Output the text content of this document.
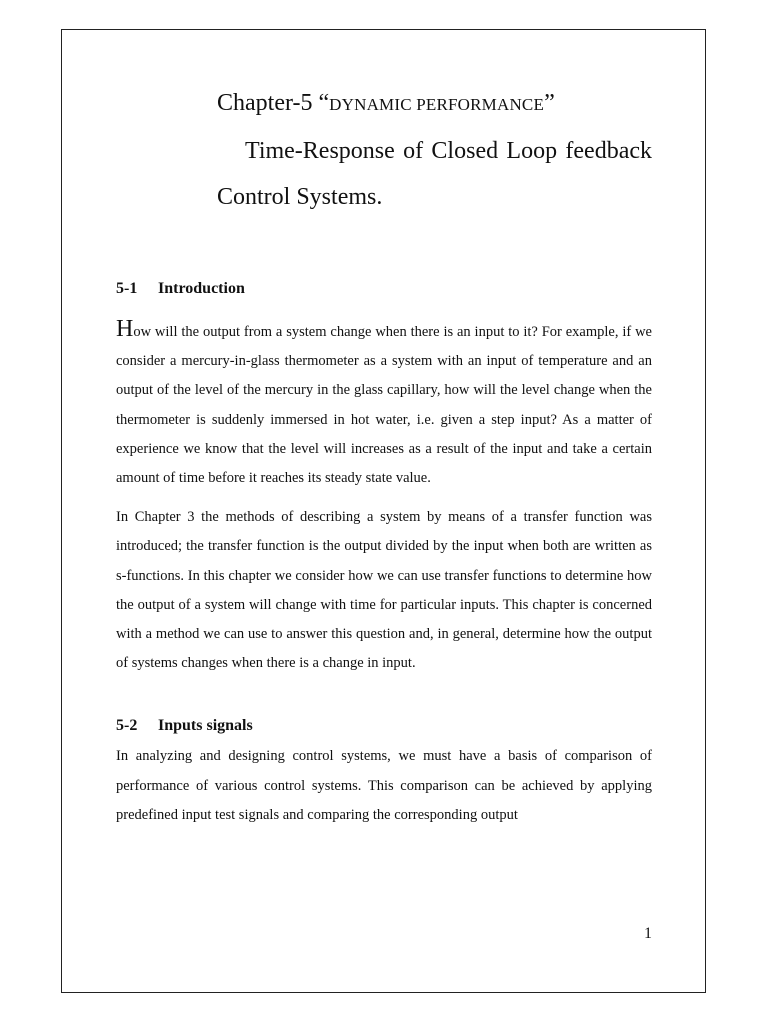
Chapter-5 “DYNAMIC PERFORMANCE”
Time-Response of Closed Loop feedback Control Systems.
5-1 Introduction

How will the output from a system change when there is an input to it? For example, if we consider a mercury-in-glass thermometer as a system with an input of temperature and an output of the level of the mercury in the glass capillary, how will the level change when the thermometer is suddenly immersed in hot water, i.e. given a step input? As a matter of experience we know that the level will increases as a result of the input and take a certain amount of time before it reaches its steady state value.

In Chapter 3 the methods of describing a system by means of a transfer function was introduced; the transfer function is the output divided by the input when both are written as s-functions. In this chapter we consider how we can use transfer functions to determine how the output of a system will change with time for particular inputs. This chapter is concerned with a method we can use to answer this question and, in general, determine how the output of systems changes when there is a change in input.

5-2 Inputs signals

In analyzing and designing control systems, we must have a basis of comparison of performance of various control systems. This comparison can be achieved by applying predefined input test signals and comparing the corresponding output

1
